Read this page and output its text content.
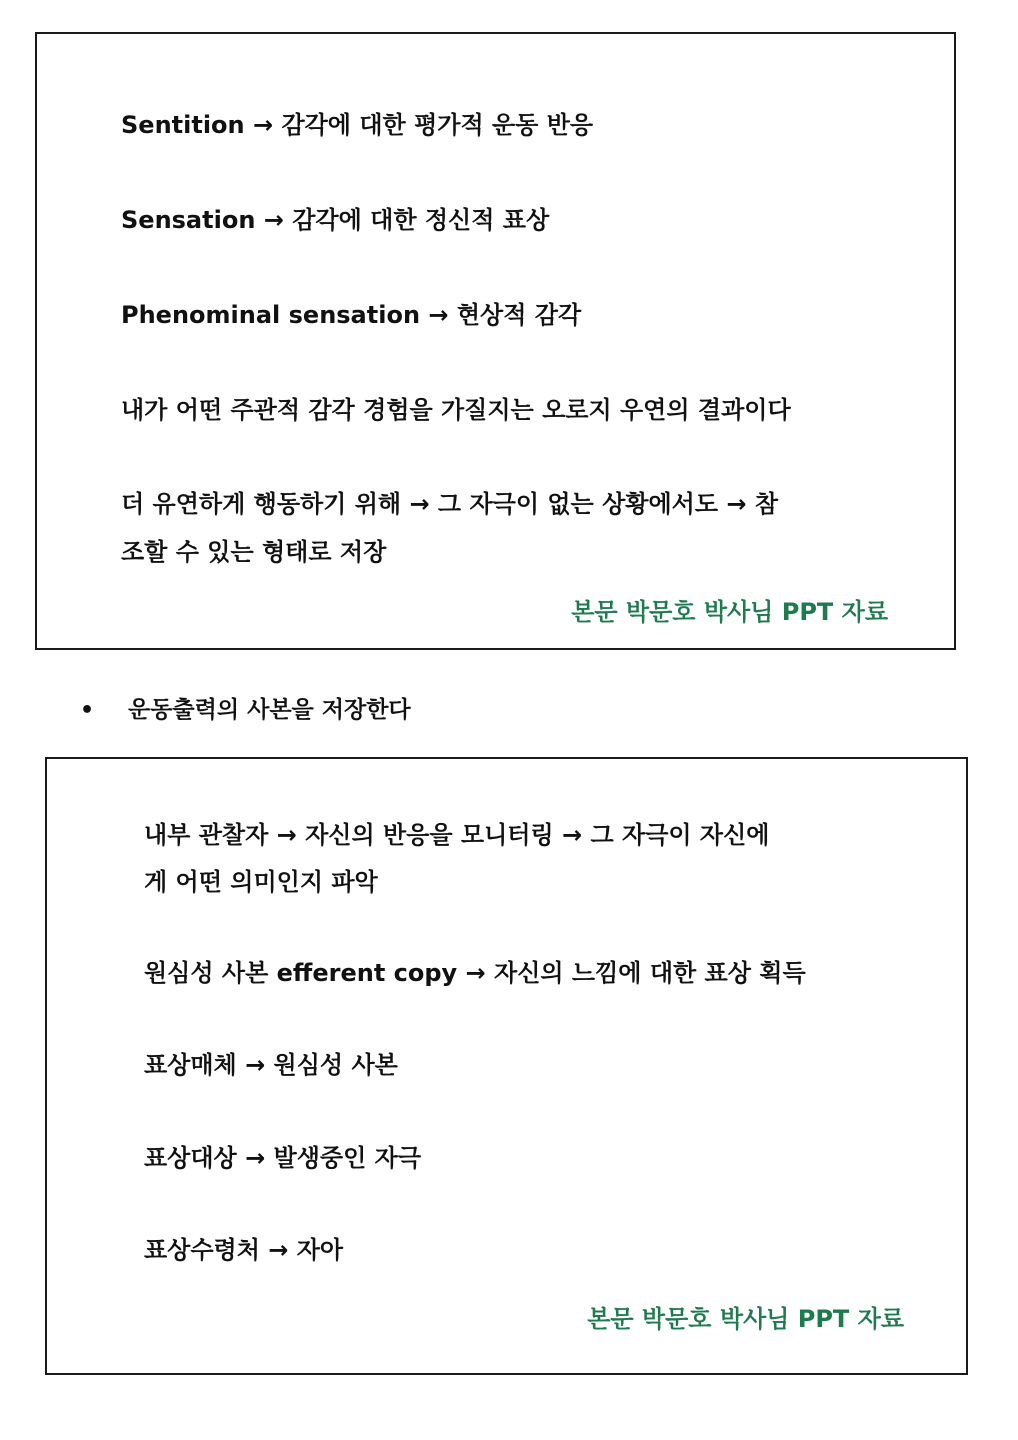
Sentition → 감각에 대한 평가적 운동 반응
Sensation → 감각에 대한 정신적 표상
Phenominal sensation → 현상적 감각
내가 어떤 주관적 감각 경험을 가질지는 오로지 우연의 결과이다
더 유연하게 행동하기 위해 → 그 자극이 없는 상황에서도 → 참
조할 수 있는 형태로 저장
본문 박문호 박사님 PPT 자료
• 운동출력의 사본을 저장한다
내부 관찰자 → 자신의 반응을 모니터링 → 그 자극이 자신에
게 어떤 의미인지 파악
원심성 사본 efferent copy → 자신의 느낌에 대한 표상 획득
표상매체 → 원심성 사본
표상대상 → 발생중인 자극
표상수령처 → 자아
본문 박문호 박사님 PPT 자료
